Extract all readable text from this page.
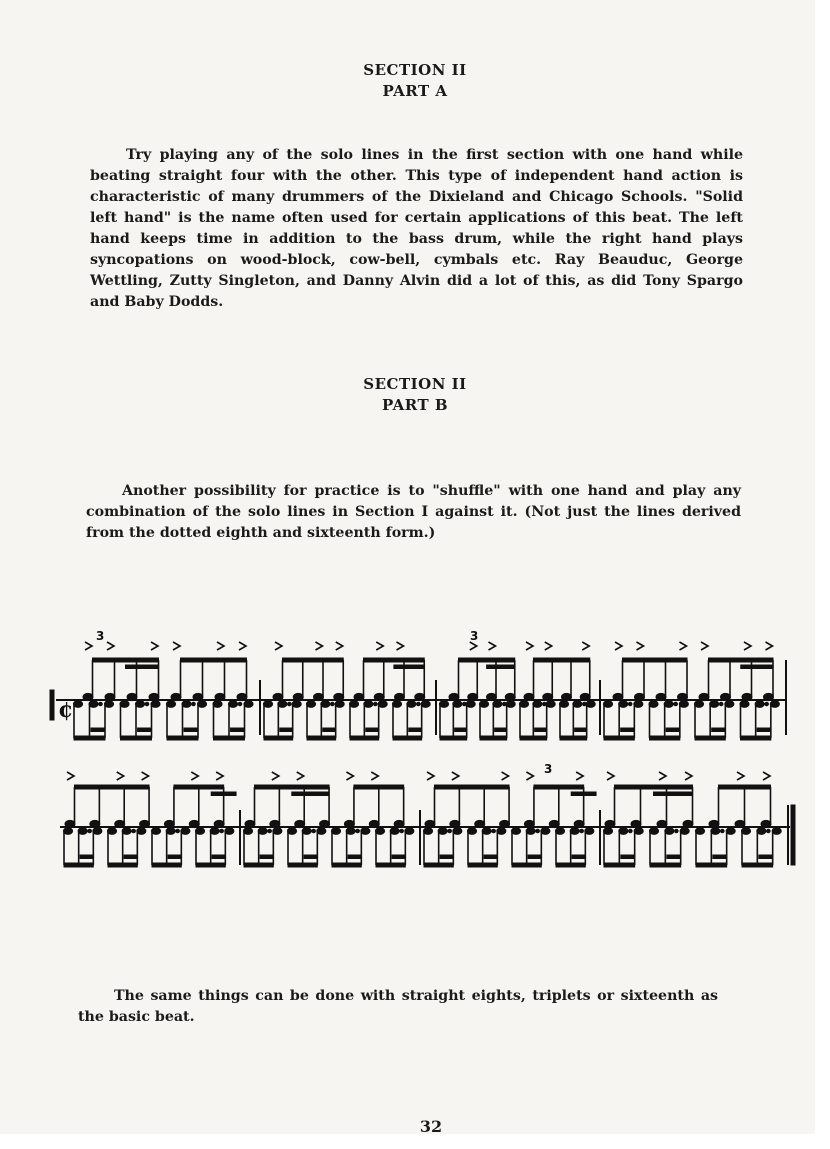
SECTION II
PART A

Try playing any of the solo lines in the first section with one hand while beating straight four with the other. This type of independent hand action is characteristic of many drummers of the Dixieland and Chicago Schools. "Solid left hand" is the name often used for certain applications of this beat. The left hand keeps time in addition to the bass drum, while the right hand plays syncopations on wood-block, cow-bell, cymbals etc. Ray Beauduc, George Wettling, Zutty Singleton, and Danny Alvin did a lot of this, as did Tony Spargo and Baby Dodds.

SECTION II
PART B

Another possibility for practice is to "shuffle" with one hand and play any combination of the solo lines in Section I against it. (Not just the lines derived from the dotted eighth and sixteenth form.)

¢
3	3
3

The same things can be done with straight eights, triplets or sixteenth as the basic beat.

32
